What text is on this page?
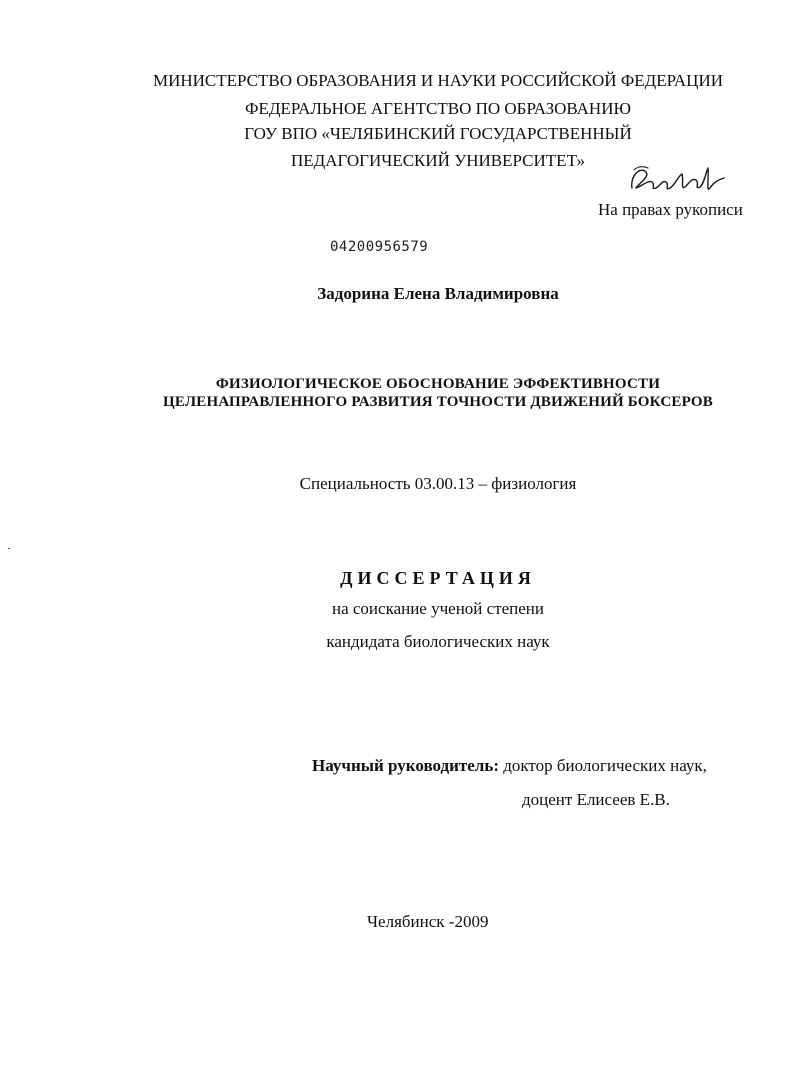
МИНИСТЕРСТВО ОБРАЗОВАНИЯ И НАУКИ РОССИЙСКОЙ ФЕДЕРАЦИИ
ФЕДЕРАЛЬНОЕ АГЕНТСТВО ПО ОБРАЗОВАНИЮ
ГОУ ВПО «ЧЕЛЯБИНСКИЙ ГОСУДАРСТВЕННЫЙ
ПЕДАГОГИЧЕСКИЙ УНИВЕРСИТЕТ»
На правах рукописи
04200956579
Задорина Елена Владимировна
ФИЗИОЛОГИЧЕСКОЕ ОБОСНОВАНИЕ ЭФФЕКТИВНОСТИ
ЦЕЛЕНАПРАВЛЕННОГО РАЗВИТИЯ ТОЧНОСТИ ДВИЖЕНИЙ БОКСЕРОВ
Специальность 03.00.13 – физиология
ДИССЕРТАЦИЯ
на соискание ученой степени
кандидата биологических наук
Научный руководитель: доктор биологических наук,
доцент Елисеев Е.В.
Челябинск -2009
